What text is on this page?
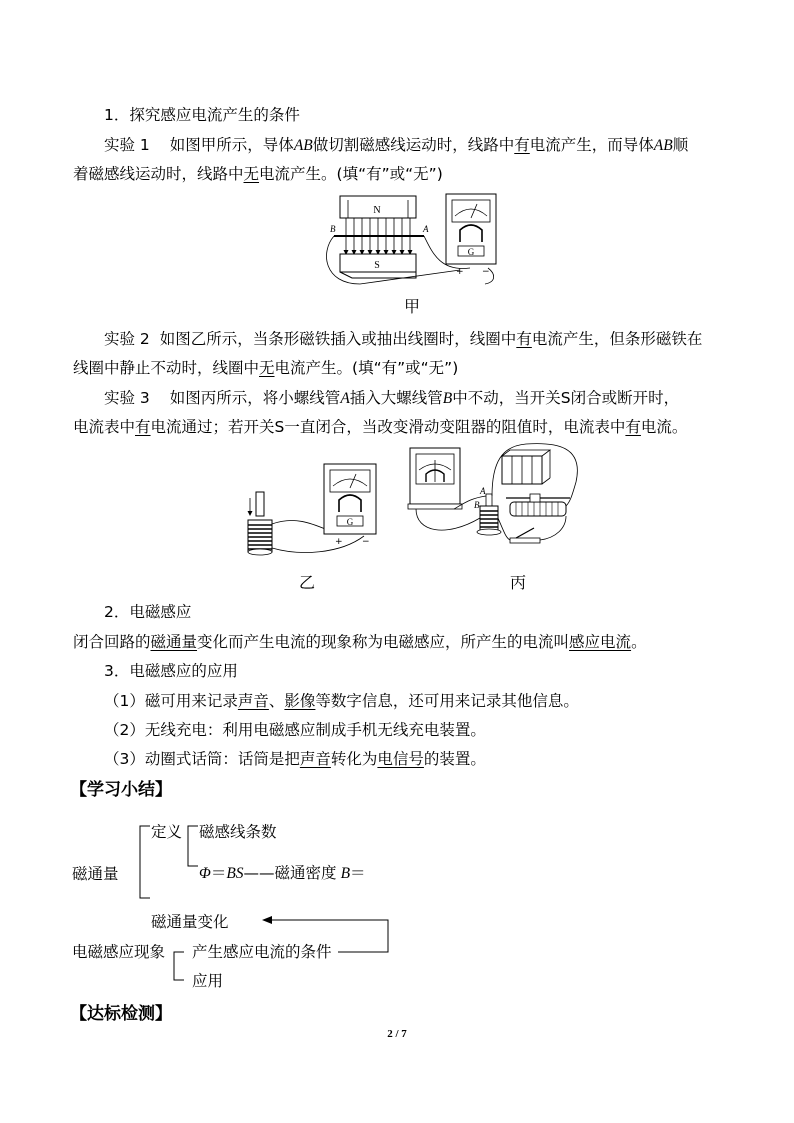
1．探究感应电流产生的条件
实验 1 如图甲所示，导体AB做切割磁感线运动时，线路中有电流产生，而导体AB顺
着磁感线运动时，线路中无电流产生。(填“有”或“无”)
N
B	A
S
G
+ −
甲
实验 2 如图乙所示，当条形磁铁插入或抽出线圈时，线圈中有电流产生，但条形磁铁在
线圈中静止不动时，线圈中无电流产生。(填“有”或“无”)
实验 3 如图丙所示，将小螺线管A插入大螺线管B中不动，当开关S闭合或断开时，
电流表中有电流通过；若开关S一直闭合，当改变滑动变阻器的阻值时，电流表中有电流。
G
+ −
A
B
乙	丙
2．电磁感应
闭合回路的磁通量变化而产生电流的现象称为电磁感应，所产生的电流叫感应电流。
3．电磁感应的应用
（1）磁可用来记录声音、影像等数字信息，还可用来记录其他信息。
（2）无线充电：利用电磁感应制成手机无线充电装置。
（3）动圈式话筒：话筒是把声音转化为电信号的装置。
【学习小结】
磁通量
定义 磁感线条数
Φ＝BS——磁通密度 B＝
磁通量变化
电磁感应现象 产生感应电流的条件
应用
【达标检测】
2 / 7
